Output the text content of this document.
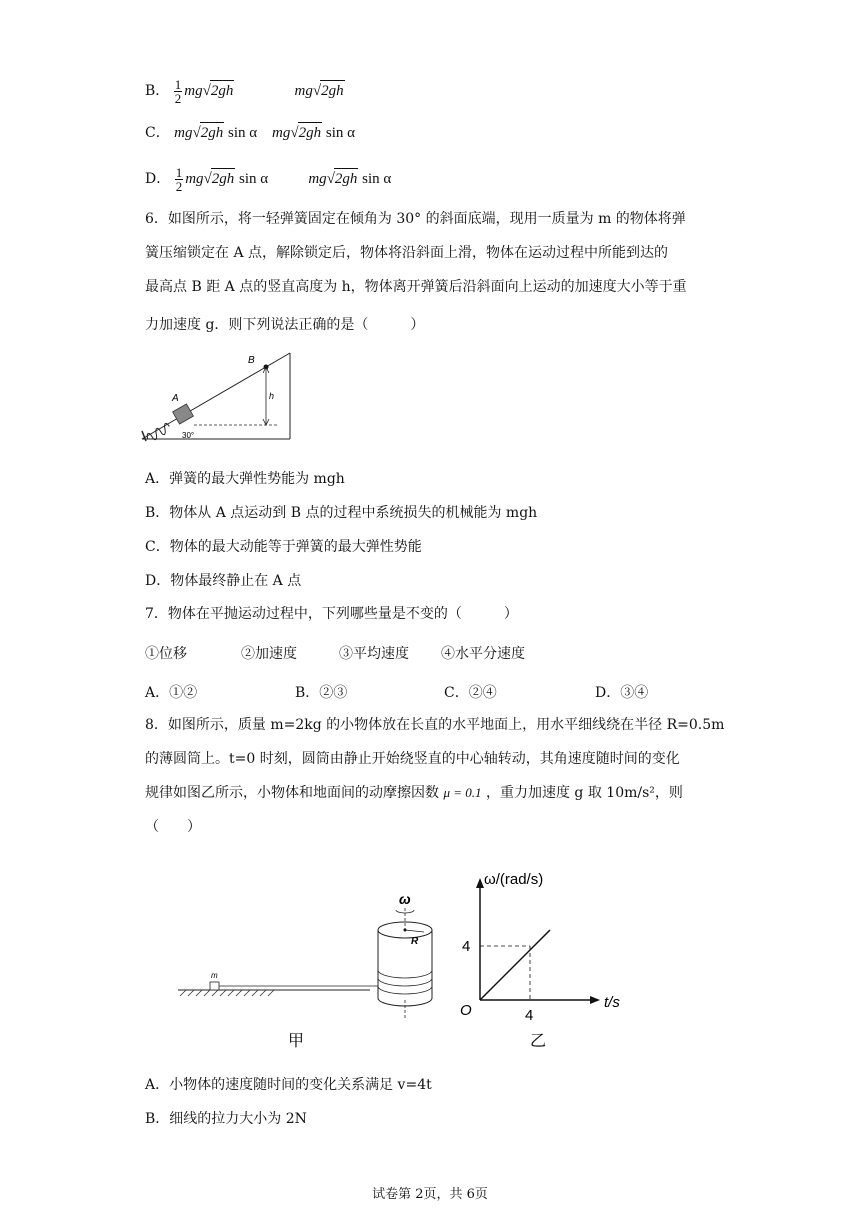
B． $\frac{1}{2} mg√2gh$	mg√2gh
C． mg√2gh sin α mg√2gh sin α
D． $\frac{1}{2} mg√2gh$ sin α	mg√2gh sin α
6．如图所示，将一轻弹簧固定在倾角为 30° 的斜面底端，现用一质量为 m 的物体将弹
簧压缩锁定在 A 点，解除锁定后，物体将沿斜面上滑，物体在运动过程中所能到达的
最高点 B 距 A 点的竖直高度为 h，物体离开弹簧后沿斜面向上运动的加速度大小等于重
力加速度 g．则下列说法正确的是（　　　）
A
B
h
30°
A．弹簧的最大弹性势能为 mgh
B．物体从 A 点运动到 B 点的过程中系统损失的机械能为 mgh
C．物体的最大动能等于弹簧的最大弹性势能
D．物体最终静止在 A 点
7．物体在平抛运动过程中，下列哪些量是不变的（　　　）
①位移	②加速度	③平均速度 ④水平分速度
A．①②	B．②③	C．②④	D．③④
8．如图所示，质量 m=2kg 的小物体放在长直的水平地面上，用水平细线绕在半径 R=0.5m
的薄圆筒上。t=0 时刻，圆筒由静止开始绕竖直的中心轴转动，其角速度随时间的变化
规律如图乙所示，小物体和地面间的动摩擦因数 μ = 0.1 ，重力加速度 g 取 10m/s²，则
（　　）
m
ω
R
甲
ω/(rad/s)
t/s
O
4
4
乙
A．小物体的速度随时间的变化关系满足 v=4t
B．细线的拉力大小为 2N
试卷第 2页，共 6页
